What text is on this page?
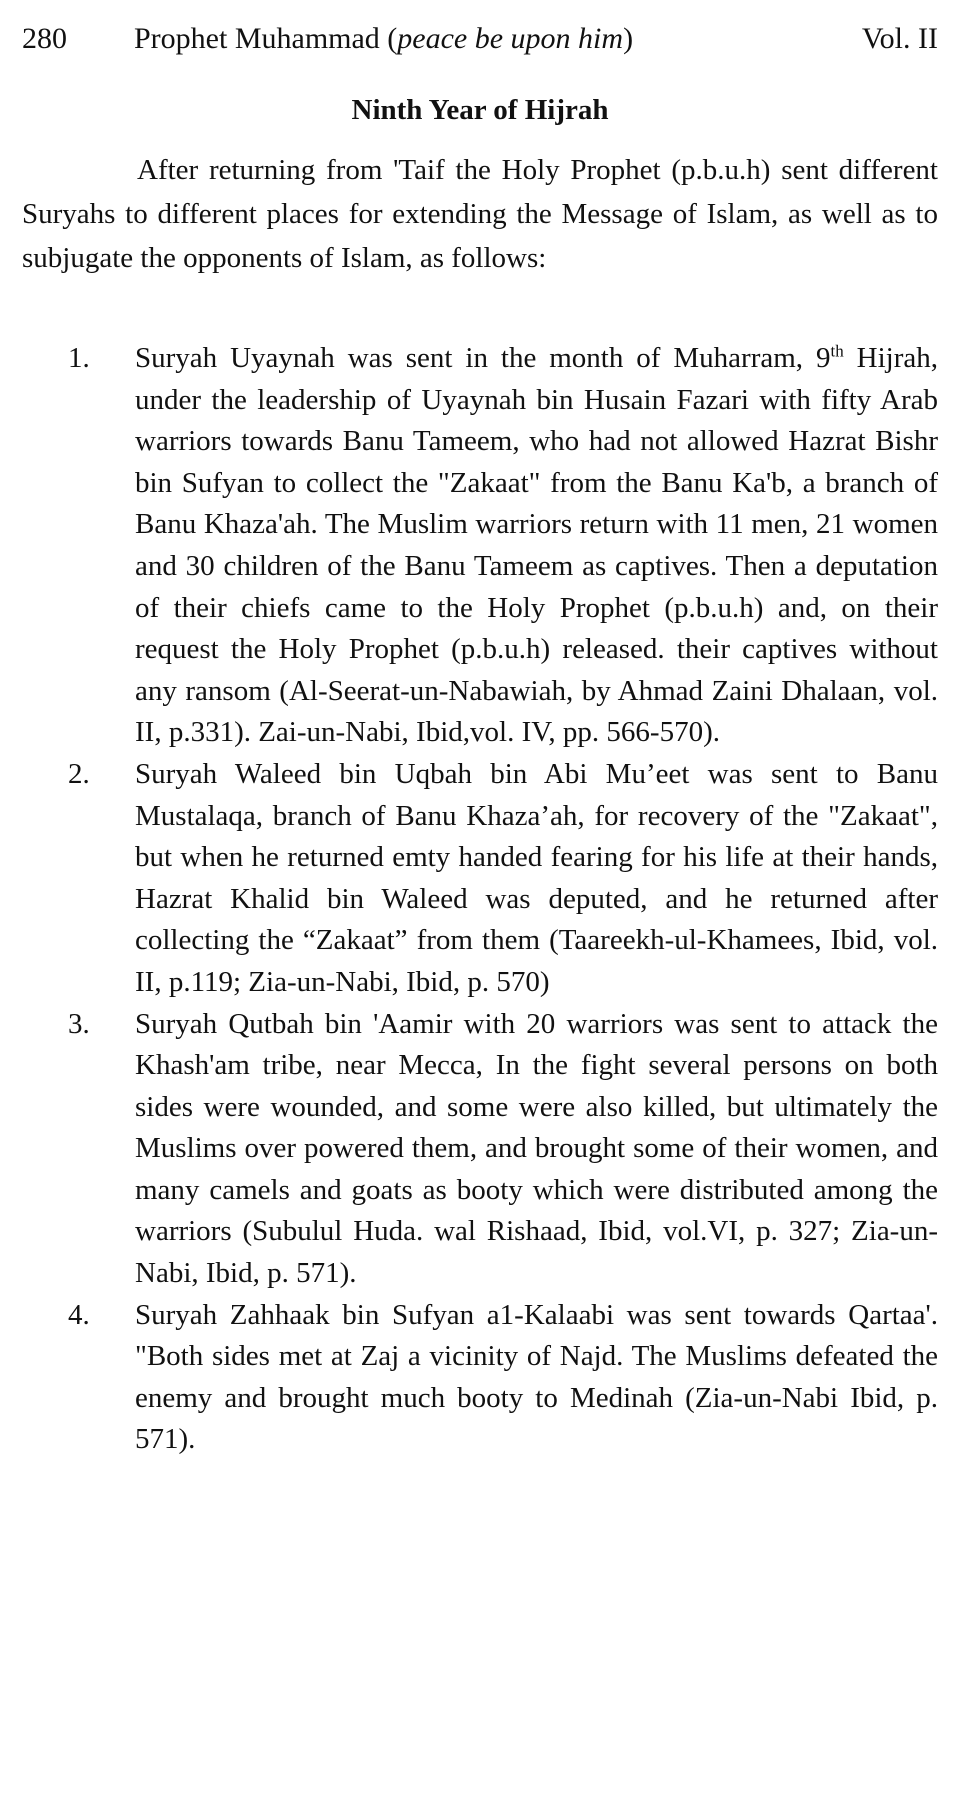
280 Prophet Muhammad (peace be upon him)	Vol. II
Ninth Year of Hijrah

After returning from 'Taif the Holy Prophet (p.b.u.h) sent different Suryahs to different places for extending the Message of Islam, as well as to subjugate the opponents of Islam, as follows:

1. Suryah Uyaynah was sent in the month of Muharram, 9th Hijrah, under the leadership of Uyaynah bin Husain Fazari with fifty Arab warriors towards Banu Tameem, who had not allowed Hazrat Bishr bin Sufyan to collect the "Zakaat" from the Banu Ka'b, a branch of Banu Khaza'ah. The Muslim warriors return with 11 men, 21 women and 30 children of the Banu Tameem as captives. Then a deputation of their chiefs came to the Holy Prophet (p.b.u.h) and, on their request the Holy Prophet (p.b.u.h) released. their captives without any ransom (Al-Seerat-un-Nabawiah, by Ahmad Zaini Dhalaan, vol. II, p.331). Zai-un-Nabi, Ibid,vol. IV, pp. 566-570).
2. Suryah Waleed bin Uqbah bin Abi Mu’eet was sent to Banu Mustalaqa, branch of Banu Khaza’ah, for recovery of the "Zakaat", but when he returned emty handed fearing for his life at their hands, Hazrat Khalid bin Waleed was deputed, and he returned after collecting the “Zakaat” from them (Taareekh-ul-Khamees, Ibid, vol. II, p.119; Zia-un-Nabi, Ibid, p. 570)
3. Suryah Qutbah bin 'Aamir with 20 warriors was sent to attack the Khash'am tribe, near Mecca, In the fight several persons on both sides were wounded, and some were also killed, but ultimately the Muslims over powered them, and brought some of their women, and many camels and goats as booty which were distributed among the warriors (Subulul Huda. wal Rishaad, Ibid, vol.VI, p. 327; Zia-un-Nabi, Ibid, p. 571).
4. Suryah Zahhaak bin Sufyan a1-Kalaabi was sent towards Qartaa'. "Both sides met at Zaj a vicinity of Najd. The Muslims defeated the enemy and brought much booty to Medinah (Zia-un-Nabi Ibid, p. 571).
